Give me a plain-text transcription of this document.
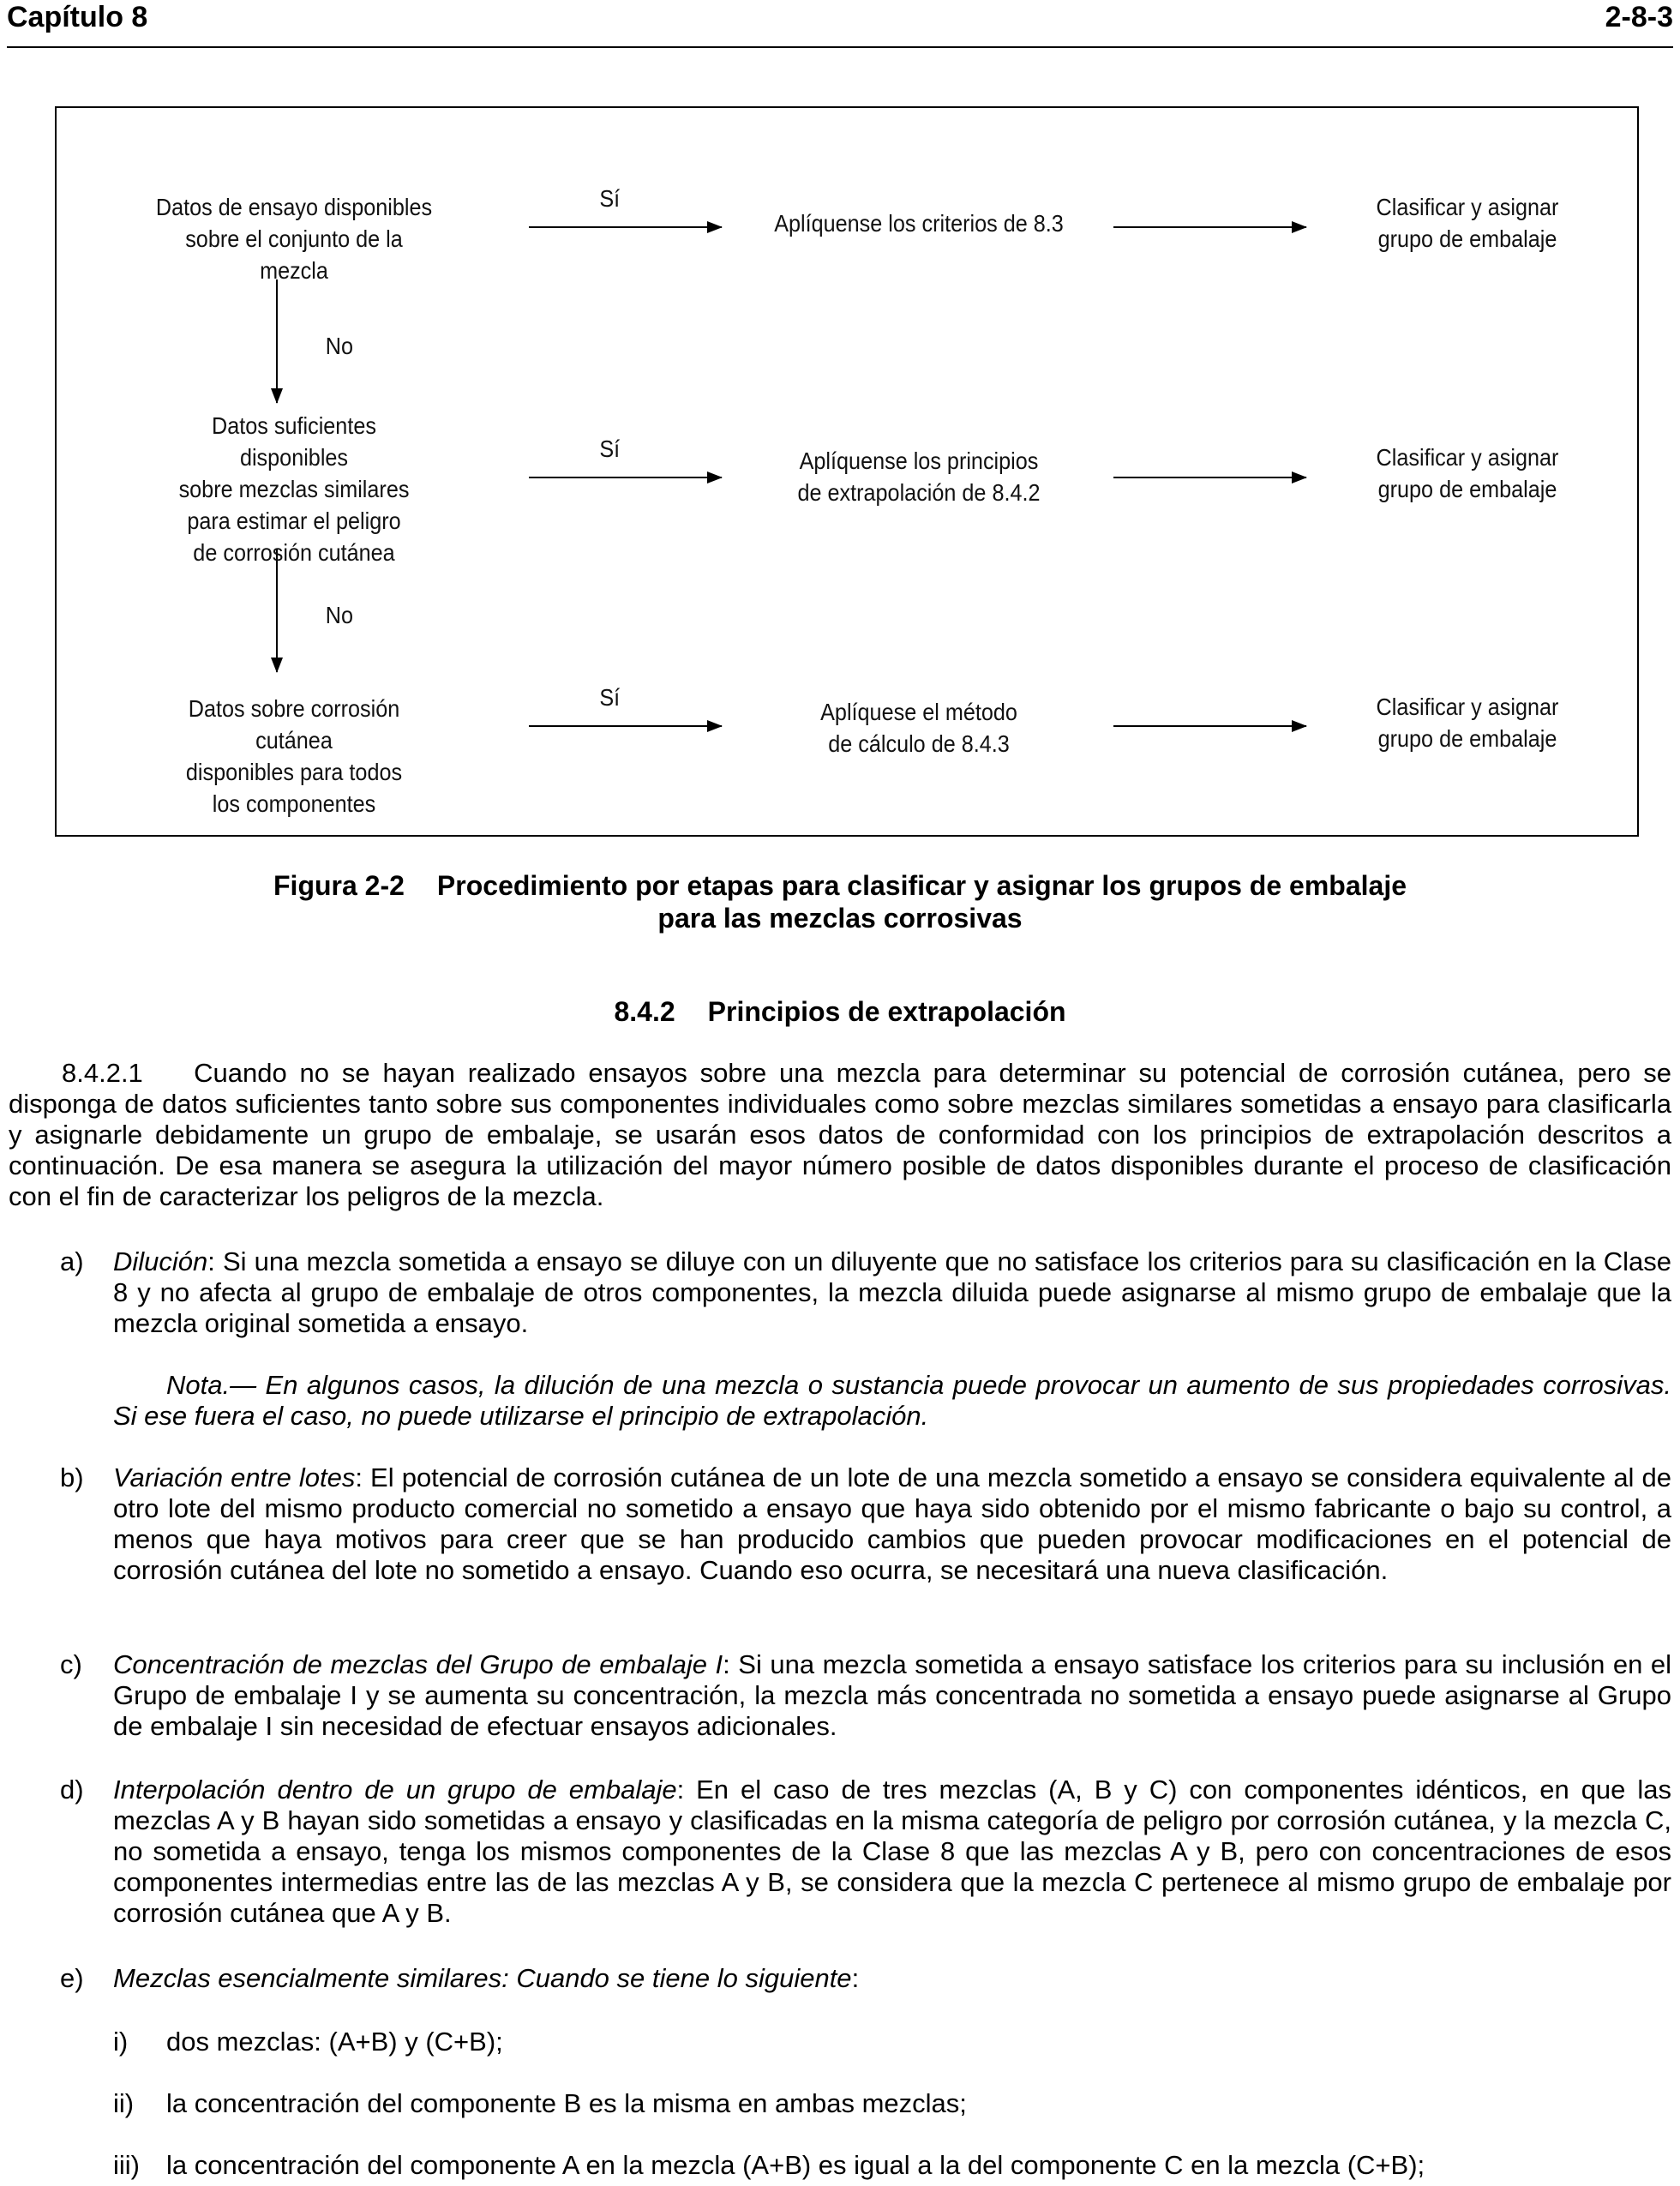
Capítulo 8	2-8-3
Datos de ensayo disponibles
sobre el conjunto de la mezcla
Sí
Aplíquense los criterios de 8.3
Clasificar y asignar
grupo de embalaje
No
Datos suficientes disponibles
sobre mezclas similares
para estimar el peligro
de corrosión cutánea
Sí	Aplíquense los principios
de extrapolación de 8.4.2
Clasificar y asignar
grupo de embalaje
No
Datos sobre corrosión cutánea
disponibles para todos
los componentes
Sí
Aplíquese el método
de cálculo de 8.4.3
Clasificar y asignar
grupo de embalaje
Figura 2-2 Procedimiento por etapas para clasificar y asignar los grupos de embalaje
para las mezclas corrosivas
8.4.2 Principios de extrapolación
8.4.2.1 Cuando no se hayan realizado ensayos sobre una mezcla para determinar su potencial de corrosión cutánea, pero se disponga de datos suficientes tanto sobre sus componentes individuales como sobre mezclas similares sometidas a ensayo para clasificarla y asignarle debidamente un grupo de embalaje, se usarán esos datos de conformidad con los principios de extrapolación descritos a continuación. De esa manera se asegura la utilización del mayor número posible de datos disponibles durante el proceso de clasificación con el fin de caracterizar los peligros de la mezcla.
a) Dilución: Si una mezcla sometida a ensayo se diluye con un diluyente que no satisface los criterios para su clasificación en la Clase 8 y no afecta al grupo de embalaje de otros componentes, la mezcla diluida puede asignarse al mismo grupo de embalaje que la mezcla original sometida a ensayo.
Nota.— En algunos casos, la dilución de una mezcla o sustancia puede provocar un aumento de sus propiedades corrosivas. Si ese fuera el caso, no puede utilizarse el principio de extrapolación.
b) Variación entre lotes: El potencial de corrosión cutánea de un lote de una mezcla sometido a ensayo se considera equivalente al de otro lote del mismo producto comercial no sometido a ensayo que haya sido obtenido por el mismo fabricante o bajo su control, a menos que haya motivos para creer que se han producido cambios que pueden provocar modificaciones en el potencial de corrosión cutánea del lote no sometido a ensayo. Cuando eso ocurra, se necesitará una nueva clasificación.
c) Concentración de mezclas del Grupo de embalaje I: Si una mezcla sometida a ensayo satisface los criterios para su inclusión en el Grupo de embalaje I y se aumenta su concentración, la mezcla más concentrada no sometida a ensayo puede asignarse al Grupo de embalaje I sin necesidad de efectuar ensayos adicionales.
d) Interpolación dentro de un grupo de embalaje: En el caso de tres mezclas (A, B y C) con componentes idénticos, en que las mezclas A y B hayan sido sometidas a ensayo y clasificadas en la misma categoría de peligro por corrosión cutánea, y la mezcla C, no sometida a ensayo, tenga los mismos componentes de la Clase 8 que las mezclas A y B, pero con concentraciones de esos componentes intermedias entre las de las mezclas A y B, se considera que la mezcla C pertenece al mismo grupo de embalaje por corrosión cutánea que A y B.
e) Mezclas esencialmente similares: Cuando se tiene lo siguiente:
i) dos mezclas: (A+B) y (C+B);
ii) la concentración del componente B es la misma en ambas mezclas;
iii) la concentración del componente A en la mezcla (A+B) es igual a la del componente C en la mezcla (C+B);
